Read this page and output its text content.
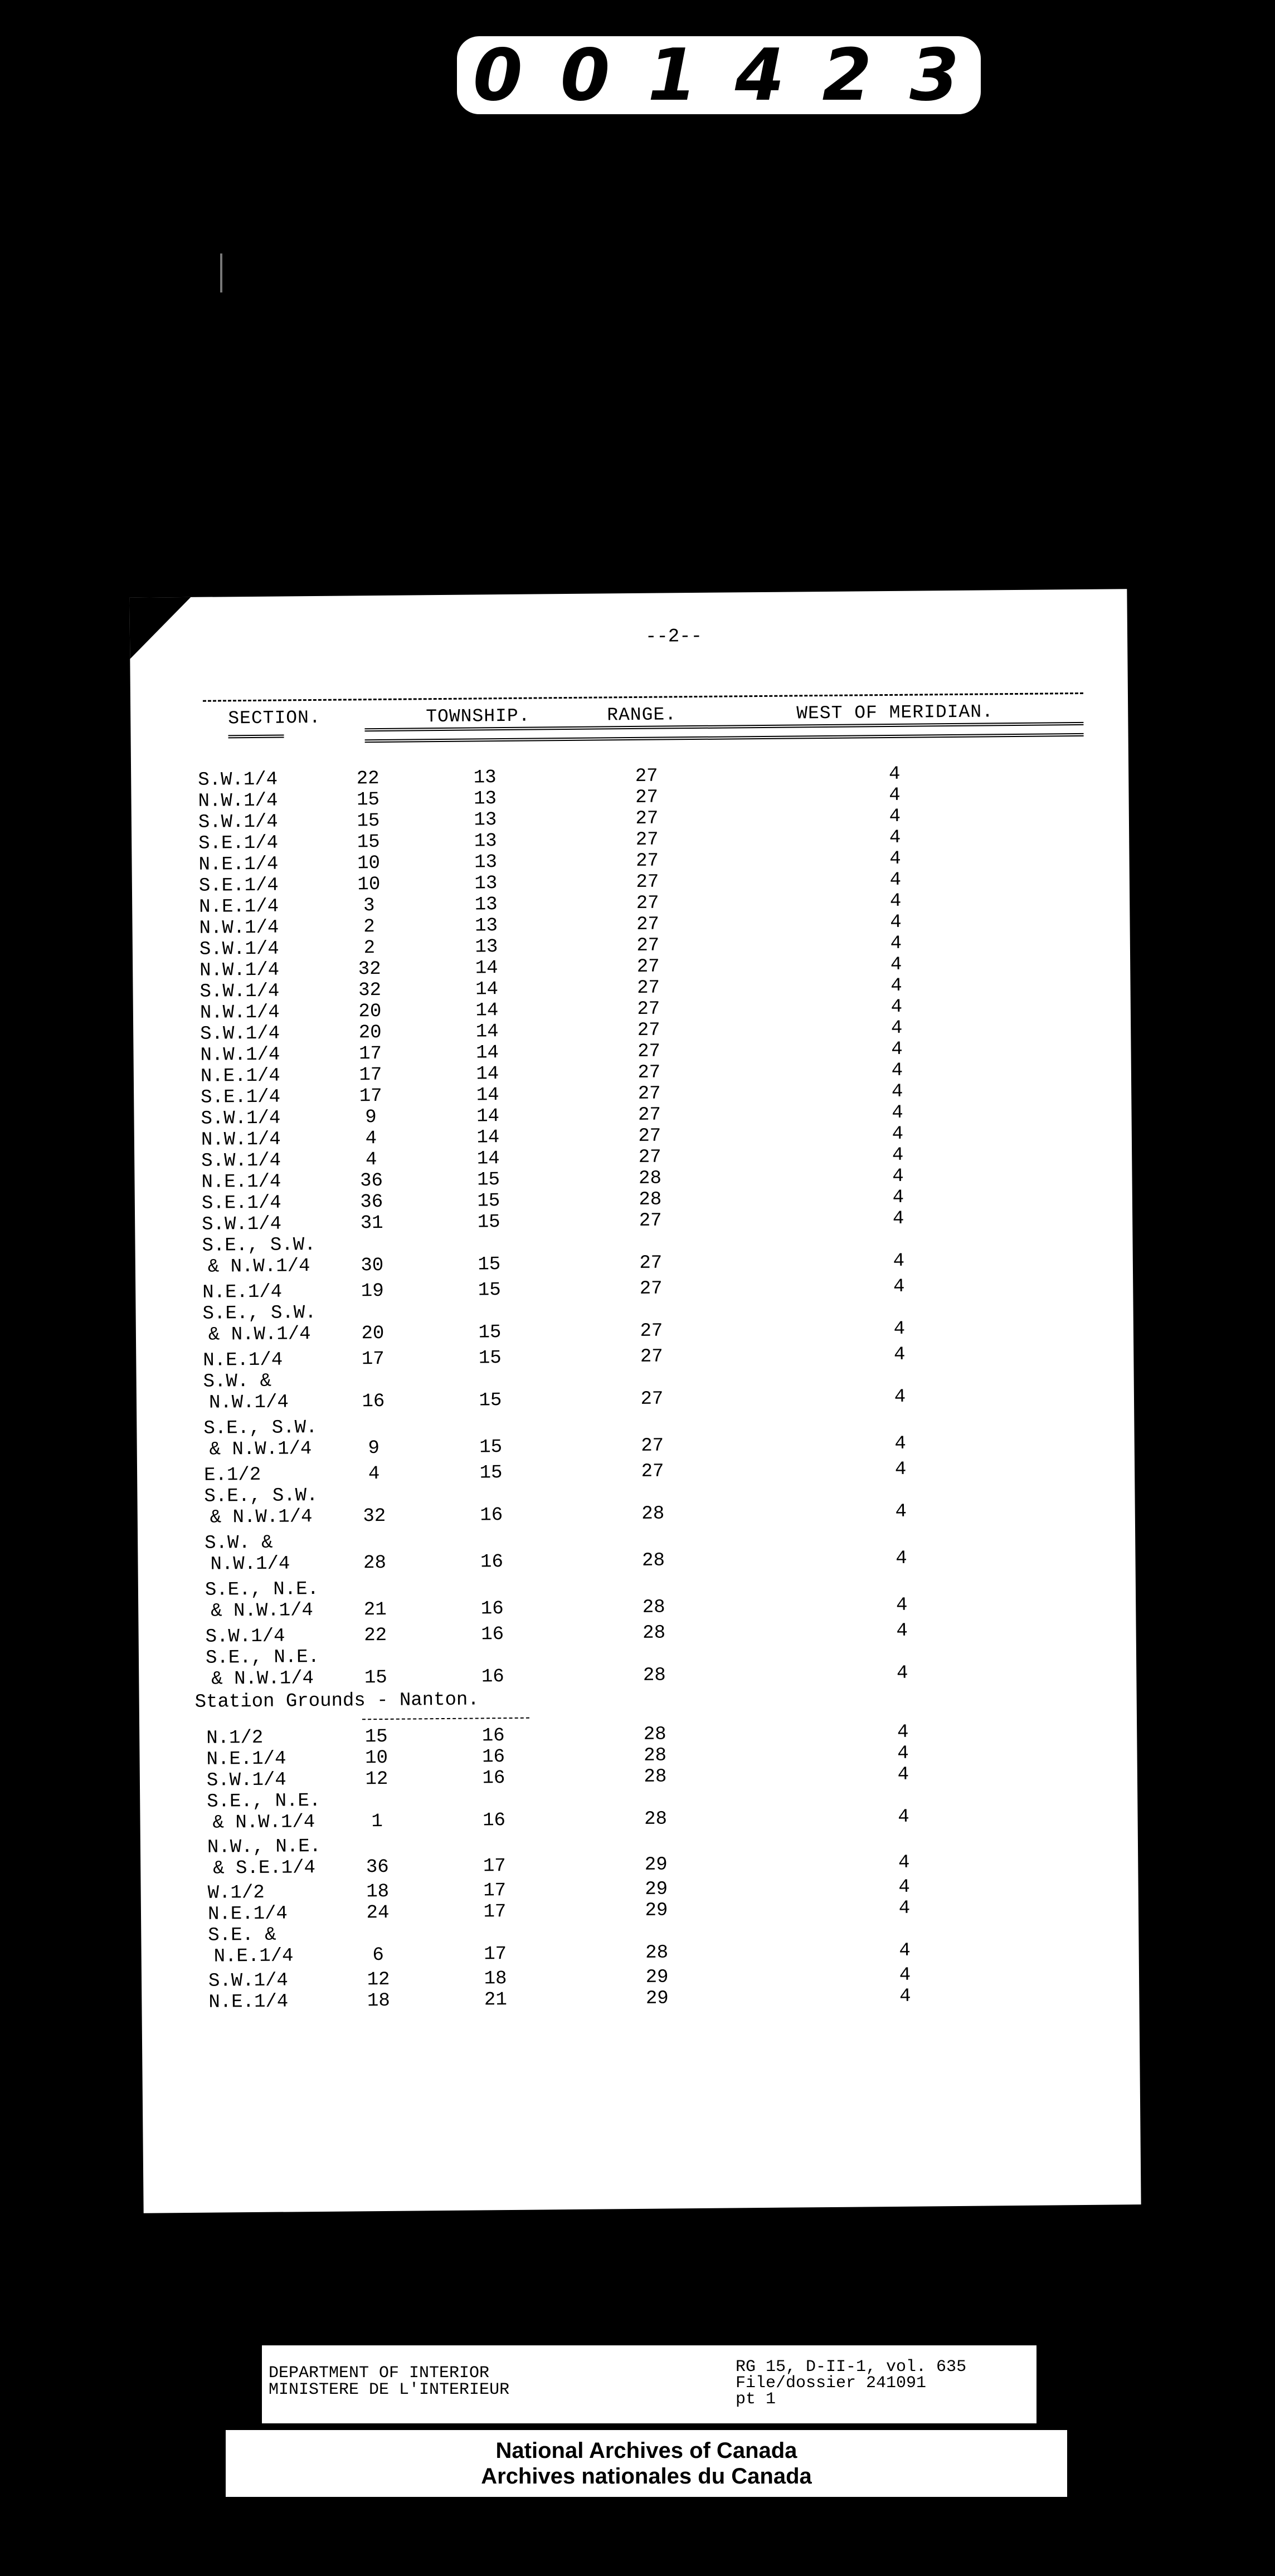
0 0 1 4 2 3
--2--
SECTION.	TOWNSHIP.	RANGE.	WEST OF MERIDIAN.
S.W.1/4	22	13	27	4
N.W.1/4	15	13	27	4
S.W.1/4	15	13	27	4
S.E.1/4	15	13	27	4
N.E.1/4	10	13	27	4
S.E.1/4	10	13	27	4
N.E.1/4	3	13	27	4
N.W.1/4	2	13	27	4
S.W.1/4	2	13	27	4
N.W.1/4	32	14	27	4
S.W.1/4	32	14	27	4
N.W.1/4	20	14	27	4
S.W.1/4	20	14	27	4
N.W.1/4	17	14	27	4
N.E.1/4	17	14	27	4
S.E.1/4	17	14	27	4
S.W.1/4	9	14	27	4
N.W.1/4	4	14	27	4
S.W.1/4	4	14	27	4
N.E.1/4	36	15	28	4
S.E.1/4	36	15	28	4
S.W.1/4	31	15	27	4
S.E., S.W.
& N.W.1/4	30	15	27	4
N.E.1/4	19	15	27	4
S.E., S.W.
& N.W.1/4	20	15	27	4
N.E.1/4	17	15	27	4
S.W. &
N.W.1/4	16	15	27	4
S.E., S.W.
& N.W.1/4	9	15	27	4
E.1/2	4	15	27	4
S.E., S.W.
& N.W.1/4	32	16	28	4
S.W. &
N.W.1/4	28	16	28	4
S.E., N.E.
& N.W.1/4	21	16	28	4
S.W.1/4	22	16	28	4
S.E., N.E.
& N.W.1/4	15	16	28	4
N.1/2	15	16	28	4
N.E.1/4	10	16	28	4
S.W.1/4	12	16	28	4
S.E., N.E.
& N.W.1/4	1	16	28	4
N.W., N.E.
& S.E.1/4	36	17	29	4
W.1/2	18	17	29	4
N.E.1/4	24	17	29	4
S.E. &
N.E.1/4	6	17	28	4
S.W.1/4	12	18	29	4
N.E.1/4	18	21	29	4
Station Grounds - Nanton.
DEPARTMENT OF INTERIOR
MINISTERE DE L'INTERIEUR
RG 15, D-II-1, vol. 635
File/dossier 241091
pt 1
National Archives of Canada
Archives nationales du Canada
